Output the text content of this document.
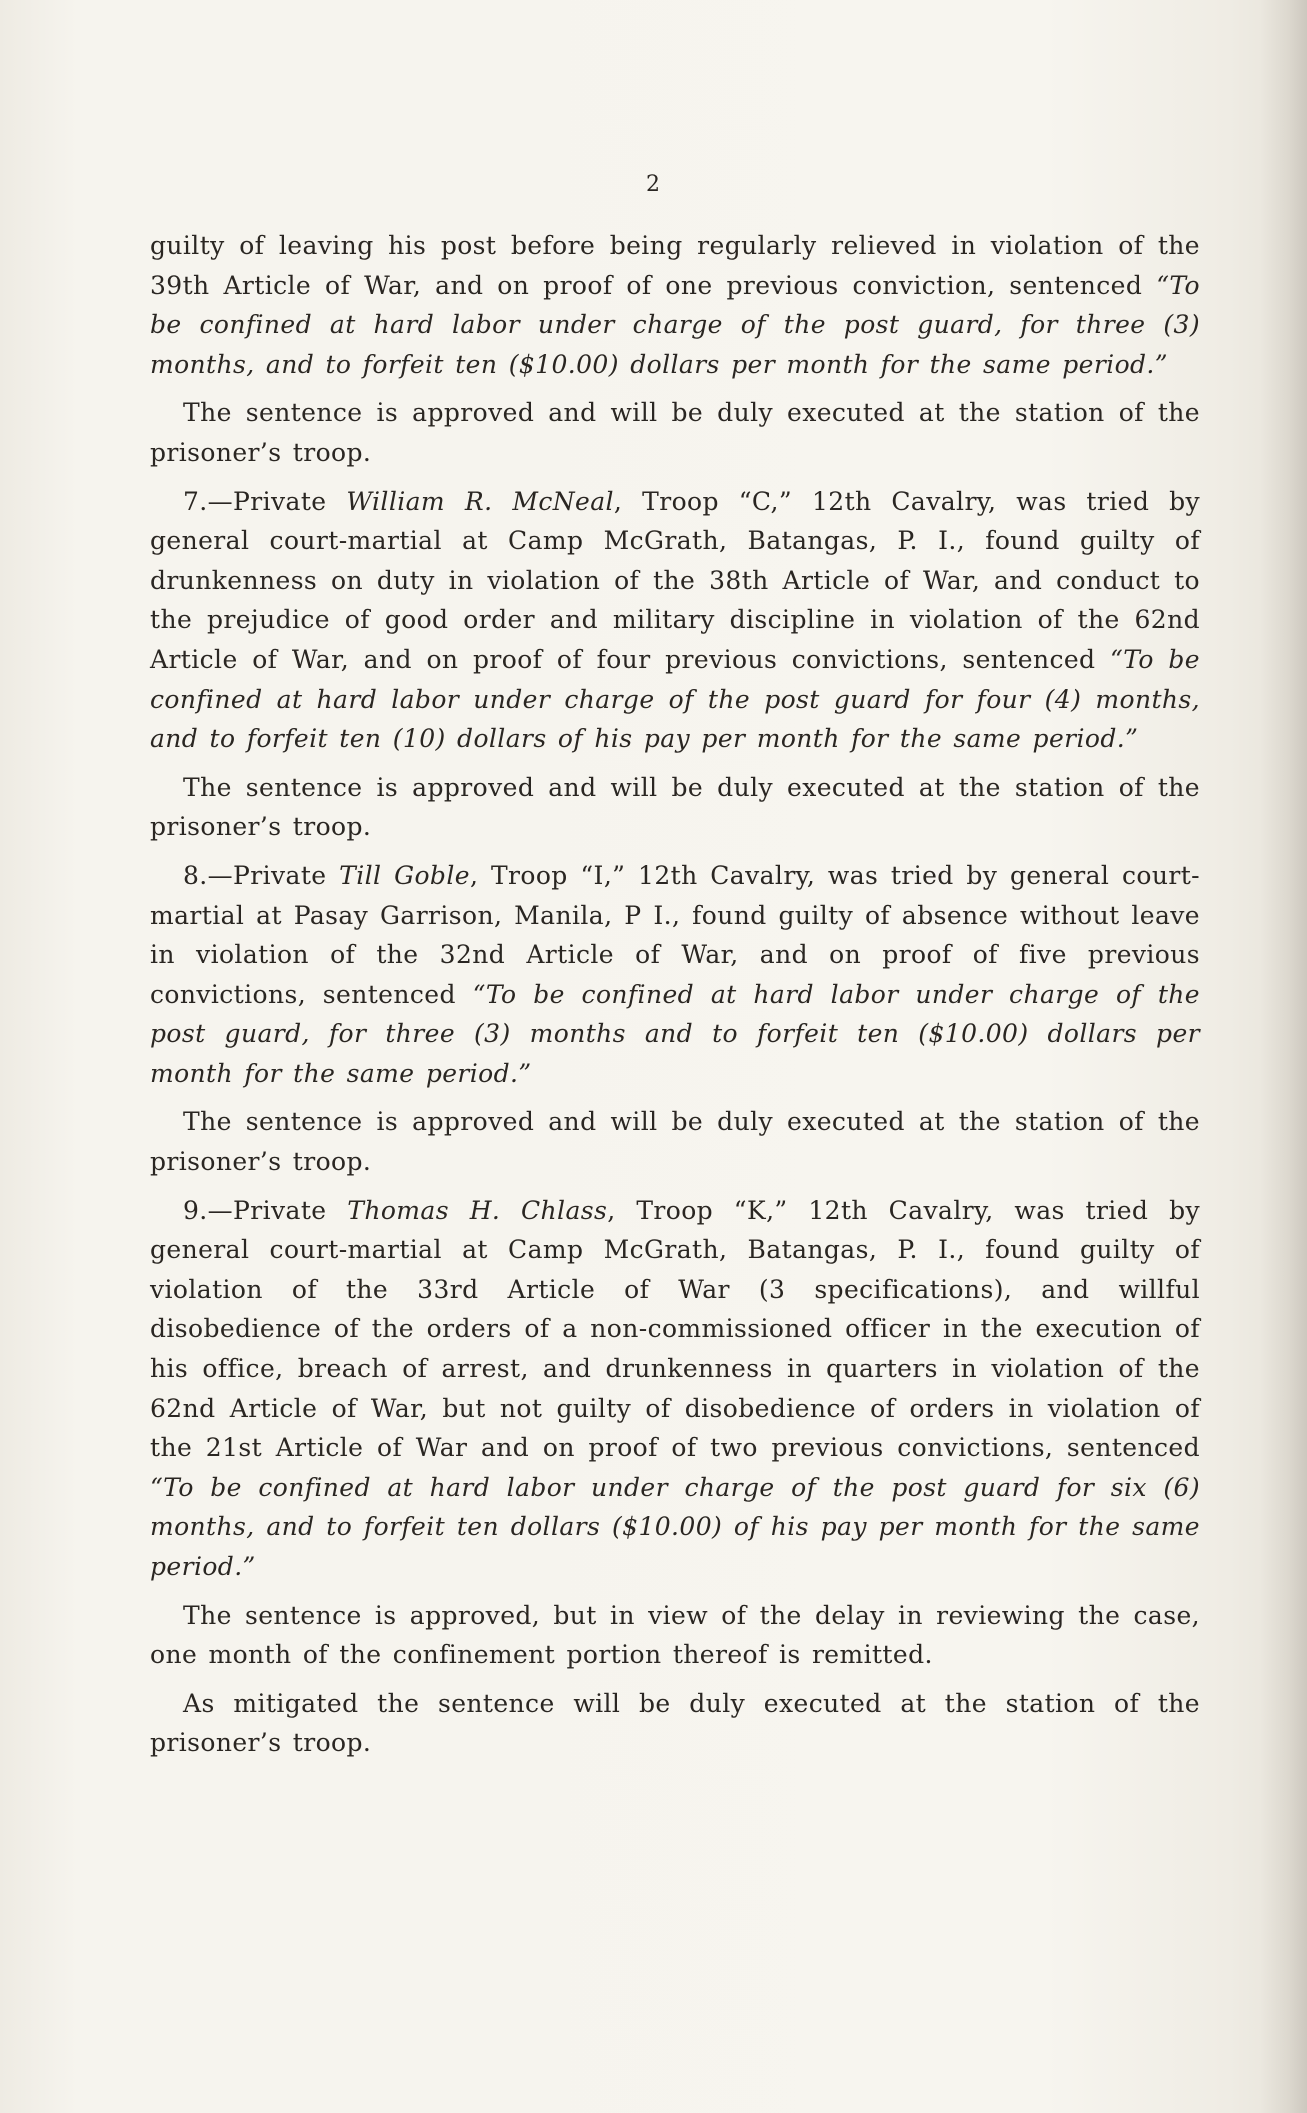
2

guilty of leaving his post before being regularly relieved in violation of the 39th Article of War, and on proof of one previous conviction, sentenced “To be confined at hard labor under charge of the post guard, for three (3) months, and to forfeit ten ($10.00) dollars per month for the same period.”

The sentence is approved and will be duly executed at the station of the prisoner’s troop.

7.—Private William R. McNeal, Troop “C,” 12th Cavalry, was tried by general court-martial at Camp McGrath, Batangas, P. I., found guilty of drunkenness on duty in violation of the 38th Article of War, and conduct to the prejudice of good order and military discipline in violation of the 62nd Article of War, and on proof of four previous convictions, sentenced “To be confined at hard labor under charge of the post guard for four (4) months, and to forfeit ten (10) dollars of his pay per month for the same period.”

The sentence is approved and will be duly executed at the station of the prisoner’s troop.

8.—Private Till Goble, Troop “I,” 12th Cavalry, was tried by general court-martial at Pasay Garrison, Manila, P I., found guilty of absence without leave in violation of the 32nd Article of War, and on proof of five previous convictions, sentenced “To be confined at hard labor under charge of the post guard, for three (3) months and to forfeit ten ($10.00) dollars per month for the same period.”

The sentence is approved and will be duly executed at the station of the prisoner’s troop.

9.—Private Thomas H. Chlass, Troop “K,” 12th Cavalry, was tried by general court-martial at Camp McGrath, Batangas, P. I., found guilty of violation of the 33rd Article of War (3 specifications), and willful disobedience of the orders of a non-commissioned officer in the execution of his office, breach of arrest, and drunkenness in quarters in violation of the 62nd Article of War, but not guilty of disobedience of orders in violation of the 21st Article of War and on proof of two previous convictions, sentenced “To be confined at hard labor under charge of the post guard for six (6) months, and to forfeit ten dollars ($10.00) of his pay per month for the same period.”

The sentence is approved, but in view of the delay in reviewing the case, one month of the confinement portion thereof is remitted.

As mitigated the sentence will be duly executed at the station of the prisoner’s troop.
